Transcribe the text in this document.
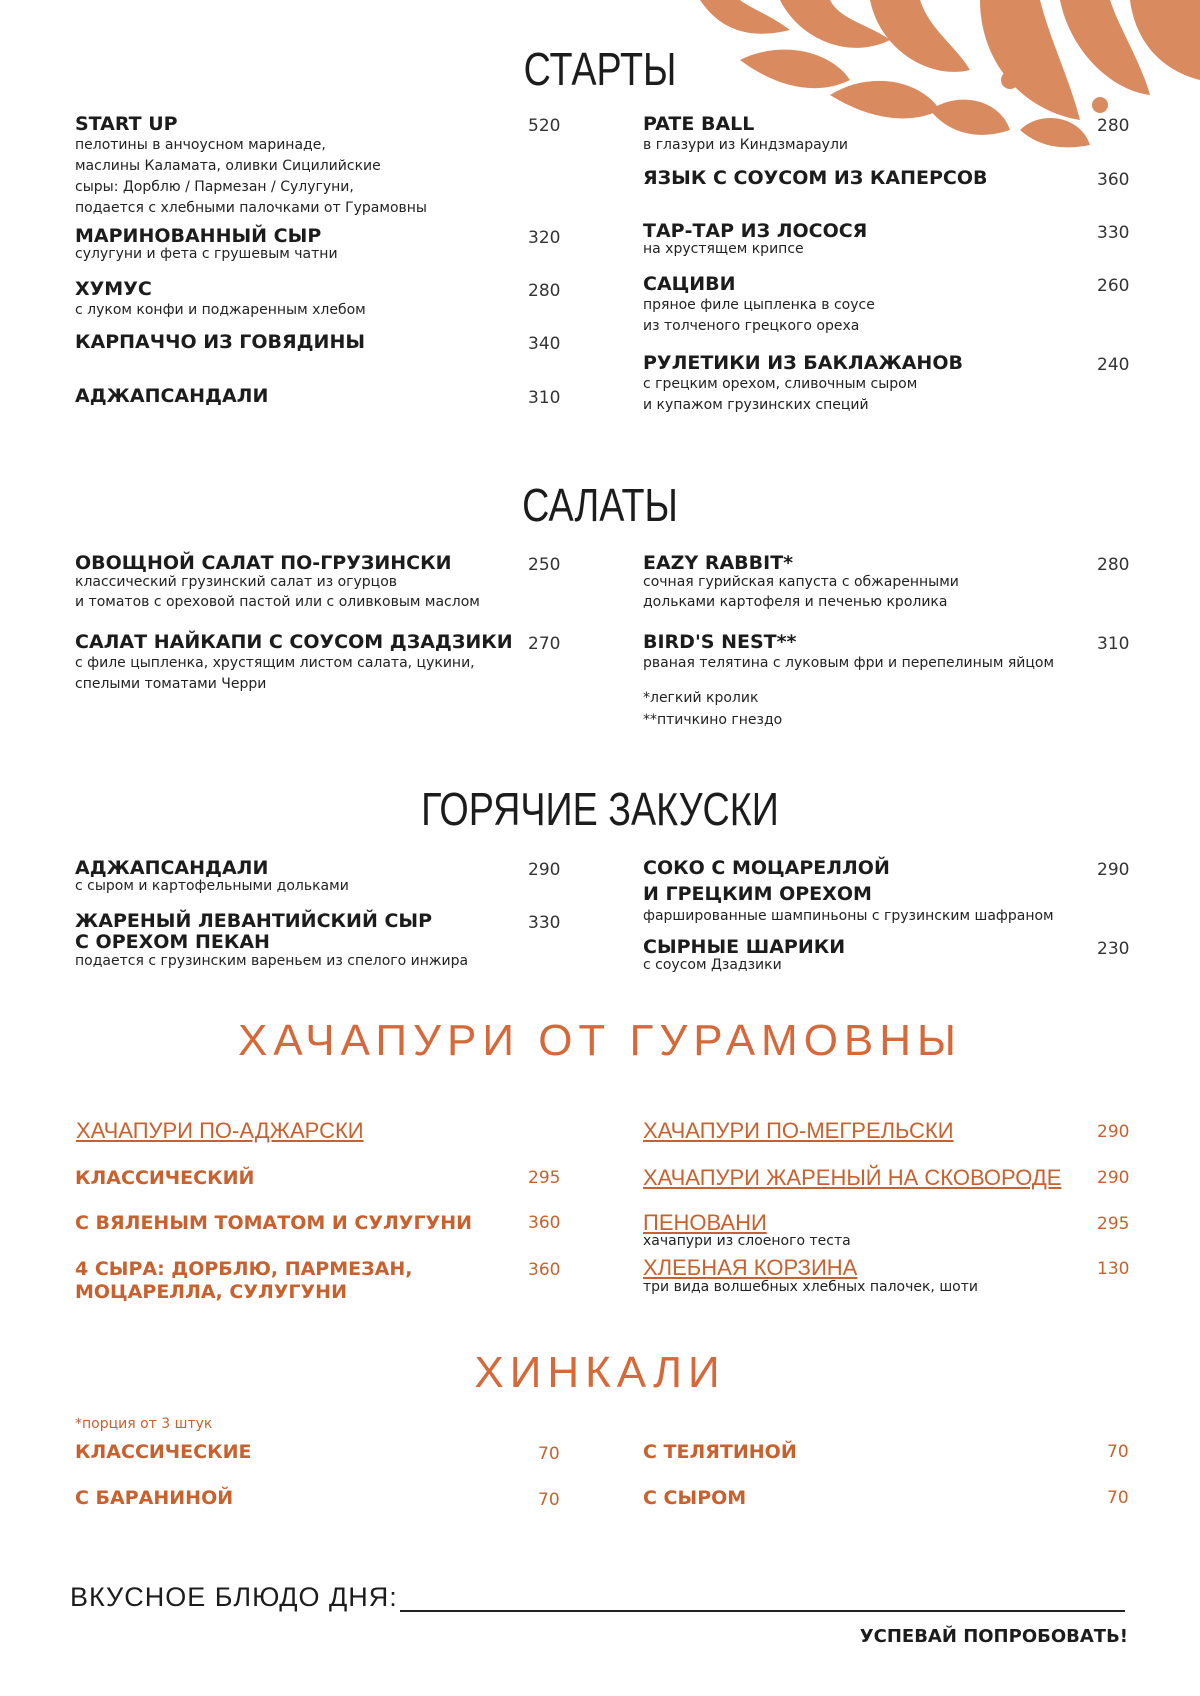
СТАРТЫ
START UP
пелотины в анчоусном маринаде,
маслины Каламата, оливки Сицилийские
сыры: Дорблю / Пармезан / Сулугуни,
подается с хлебными палочками от Гурамовны
520
МАРИНОВАННЫЙ СЫР
сулугуни и фета с грушевым чатни
320
ХУМУС
с луком конфи и поджаренным хлебом
280
КАРПАЧЧО ИЗ ГОВЯДИНЫ	340
АДЖАПСАНДАЛИ	310
PATE BALL
в глазури из Киндзмараули
280
ЯЗЫК С СОУСОМ ИЗ КАПЕРСОВ	360
ТАР-ТАР ИЗ ЛОСОСЯ
на хрустящем крипсе
330
САЦИВИ
пряное филе цыпленка в соусе
из толченого грецкого ореха
260
РУЛЕТИКИ ИЗ БАКЛАЖАНОВ
с грецким орехом, сливочным сыром
и купажом грузинских специй
240
САЛАТЫ
ОВОЩНОЙ САЛАТ ПО-ГРУЗИНСКИ
классический грузинский салат из огурцов
и томатов с ореховой пастой или с оливковым маслом
250
САЛАТ НАЙКАПИ С СОУСОМ ДЗАДЗИКИ
с филе цыпленка, хрустящим листом салата, цукини,
спелыми томатами Черри
270
EAZY RABBIT*
сочная гурийская капуста с обжаренными
дольками картофеля и печенью кролика
280
BIRD'S NEST**
рваная телятина с луковым фри и перепелиным яйцом
310
*легкий кролик
**птичкино гнездо
ГОРЯЧИЕ ЗАКУСКИ
АДЖАПСАНДАЛИ
с сыром и картофельными дольками
290
ЖАРЕНЫЙ ЛЕВАНТИЙСКИЙ СЫР
С ОРЕХОМ ПЕКАН
подается с грузинским вареньем из спелого инжира
330
СОКО С МОЦАРЕЛЛОЙ
И ГРЕЦКИМ ОРЕХОМ
фаршированные шампиньоны с грузинским шафраном
290
СЫРНЫЕ ШАРИКИ
с соусом Дзадзики
230
ХАЧАПУРИ ОТ ГУРАМОВНЫ
ХАЧАПУРИ ПО-АДЖАРСКИ
КЛАССИЧЕСКИЙ	295
С ВЯЛЕНЫМ ТОМАТОМ И СУЛУГУНИ	360
4 СЫРА: ДОРБЛЮ, ПАРМЕЗАН,
МОЦАРЕЛЛА, СУЛУГУНИ
360
ХАЧАПУРИ ПО-МЕГРЕЛЬСКИ	290
ХАЧАПУРИ ЖАРЕНЫЙ НА СКОВОРОДЕ 290
ПЕНОВАНИ
хачапури из слоеного теста
295
ХЛЕБНАЯ КОРЗИНА
три вида волшебных хлебных палочек, шоти
130
ХИНКАЛИ
*порция от 3 штук
КЛАССИЧЕСКИЕ	70
С БАРАНИНОЙ	70
С ТЕЛЯТИНОЙ	70
С СЫРОМ	70
ВКУСНОЕ БЛЮДО ДНЯ:
УСПЕВАЙ ПОПРОБОВАТЬ!
